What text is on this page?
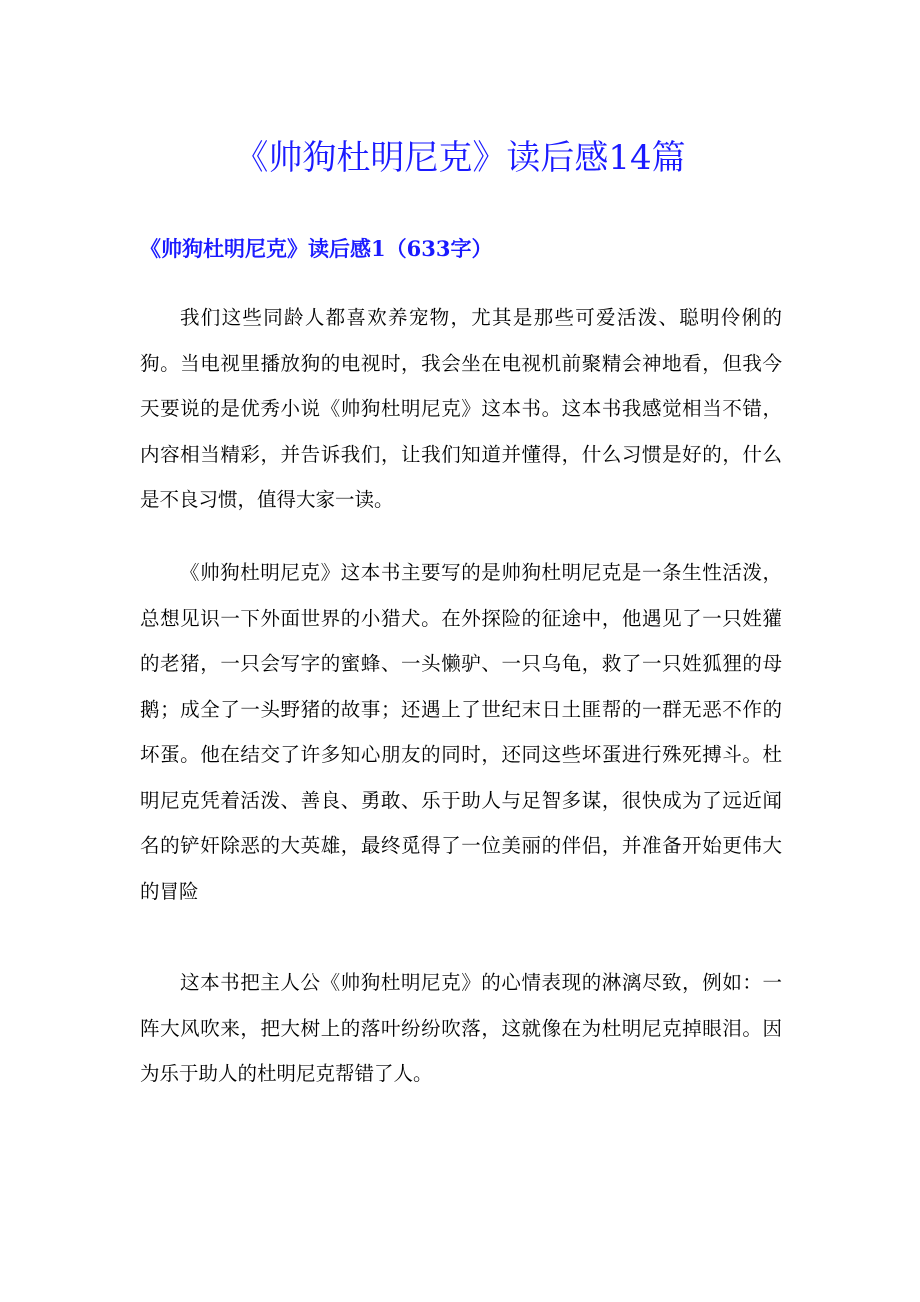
《帅狗杜明尼克》读后感14篇
《帅狗杜明尼克》读后感1（633字）

我们这些同龄人都喜欢养宠物，尤其是那些可爱活泼、聪明伶俐的狗。当电视里播放狗的电视时，我会坐在电视机前聚精会神地看，但我今天要说的是优秀小说《帅狗杜明尼克》这本书。这本书我感觉相当不错，内容相当精彩，并告诉我们，让我们知道并懂得，什么习惯是好的，什么是不良习惯，值得大家一读。

《帅狗杜明尼克》这本书主要写的是帅狗杜明尼克是一条生性活泼，总想见识一下外面世界的小猎犬。在外探险的征途中，他遇见了一只姓獾的老猪，一只会写字的蜜蜂、一头懒驴、一只乌龟，救了一只姓狐狸的母鹅；成全了一头野猪的故事；还遇上了世纪末日土匪帮的一群无恶不作的坏蛋。他在结交了许多知心朋友的同时，还同这些坏蛋进行殊死搏斗。杜明尼克凭着活泼、善良、勇敢、乐于助人与足智多谋，很快成为了远近闻名的铲奸除恶的大英雄，最终觅得了一位美丽的伴侣，并准备开始更伟大的冒险

这本书把主人公《帅狗杜明尼克》的心情表现的淋漓尽致，例如：一阵大风吹来，把大树上的落叶纷纷吹落，这就像在为杜明尼克掉眼泪。因为乐于助人的杜明尼克帮错了人。
